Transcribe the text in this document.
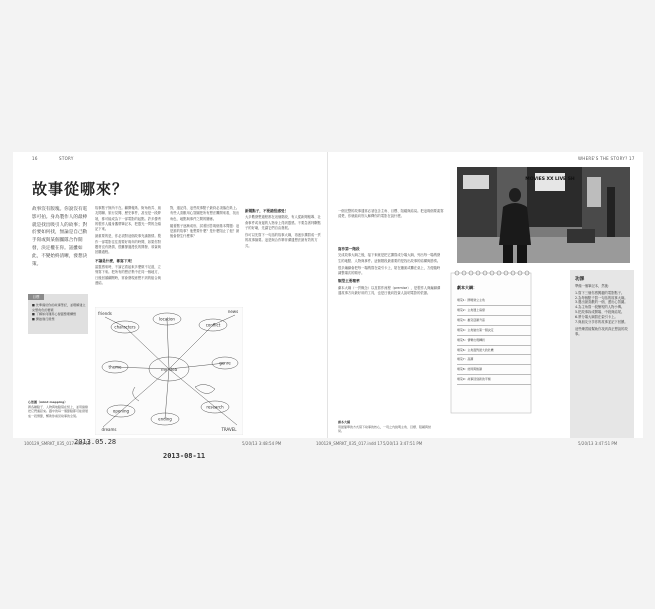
16	STORY
故事從哪來？
故事沒有版塊。你說沒有電影可拍。身為製作人的最棒就是找出吸引人的故事；對於要如何找，無論是自己動手寫或與某個團隊合作開發，決定權在你。話雖如此，不變始終清晰，發想決策。

故事點子無所不在。翻開報紙、街角巷弄、朋友閒聊、旅行見聞、歷史事件，甚至是一段夢境，都可能成為下一部電影的起點。許多優秀的製作人隨身攜帶筆記本，把靈光一閃的念頭記下來。

最重要的是，你必須對這個故事充滿熱情。製作一部電影往往需要好幾年的時間，如果你對題材沒有熱情，很難撐過漫長的開發、募資與拍攝過程。

不論是什麼，都寫下來！

當靈感來時，不論它看起來多麼微不足道，立刻寫下來。把所有的想法集中在同一個地方，日後回頭翻閱時，常會發現意想不到的組合與連結。

對，還記得，這些故事點子最終必須落在紙上。有些人喜歡用心智圖把所有想法攤開來看，找出角色、地點與事件之間的關係。

隨著點子逐漸成形，試著回答幾個基本問題：這是誰的故事？他想要什麼？是什麼阻止了他？最後會發生什麼事？

新聞點子，不要錯怪感受！

大多數發想過程都在這個階段，有人從新聞報導、社會事件或身邊的人物身上得到靈感。不要急著判斷點子的好壞，先讓它們自由發展。

你可以先寫下一句話的故事大綱，再逐步擴寫成一頁的故事摘要。這是與合作夥伴溝通想法最有效的方式。

目標
■ 先準備好你的故事筆記，並理解建立完整角色的要素
■ 了解如何運用心智圖整理構想
■ 開始進行發想
心智圖（mind mapping）
將各種點子、人物與地點寫在紙上，並用線條把它們連起來。圖中的每一個節點都可能發展成一段情節，幫助你看見故事的全貌。
my idea
characters
location
conflict
theme
genre
opening
ending
research
friends	news
dreams	TRAVEL
WHERE'S THE STORY? 17

一個完整的故事通常必須包含主角、目標、阻礙與結局。把這幾個要素寫清楚，你就能向別人解釋你的電影在說什麼。

寫作第一階段

完成故事大綱之後，接下來就是把它擴寫成分場大綱，列出每一場戲發生的地點、人物與事件。這個階段最重要的是找出故事的結構與節奏。

很多編劇會把每一場戲寫在索引卡上，貼在牆面或攤在桌上，方便隨時調整場次的順序。

類型主要精華

劇本大綱（一頁概念）以及寫作流程（premise），是製作人與編劇溝通故事方向最好用的工具，也是日後向投資人說明電影的依據。

劇本大綱
用最簡單的方式寫下故事的核心，一頁之內說明主角、目標、阻礙與結局。
MOVIES XX LIVE SH
劇本大綱：
場景1：開場建立主角
場景2：主角遇上麻煩
場景3：衝突逐漸升高
場景4：主角做出第一個決定
場景5：情勢出現轉折
場景6：主角面對最大的危機
場景7：高潮
場景8：結局與餘韻
場景9：故事回到新的平衡
功課
準備一個筆記本，然後：
1.寫下三個你感興趣的電影點子。
2.為每個點子寫一句話的故事大綱。
3.選出最喜歡的一個，畫出心智圖。
4.為主角寫一段簡短的人物小傳。
5.把故事拆成開場、中段與結尾。
6.將分場大綱寫在索引卡上。
7.與朋友分享你的故事並記下回饋。
這些練習能幫助你找到真正想說的故事。
100129_SMRKT_035_017.indd 16
2013.05.28	5/20/13 3:48:54 PM	100129_SMRKT_035_017.indd 17 5/20/13 3:47:51 PM	5/20/13 3:47:51 PM
2013-08-11
